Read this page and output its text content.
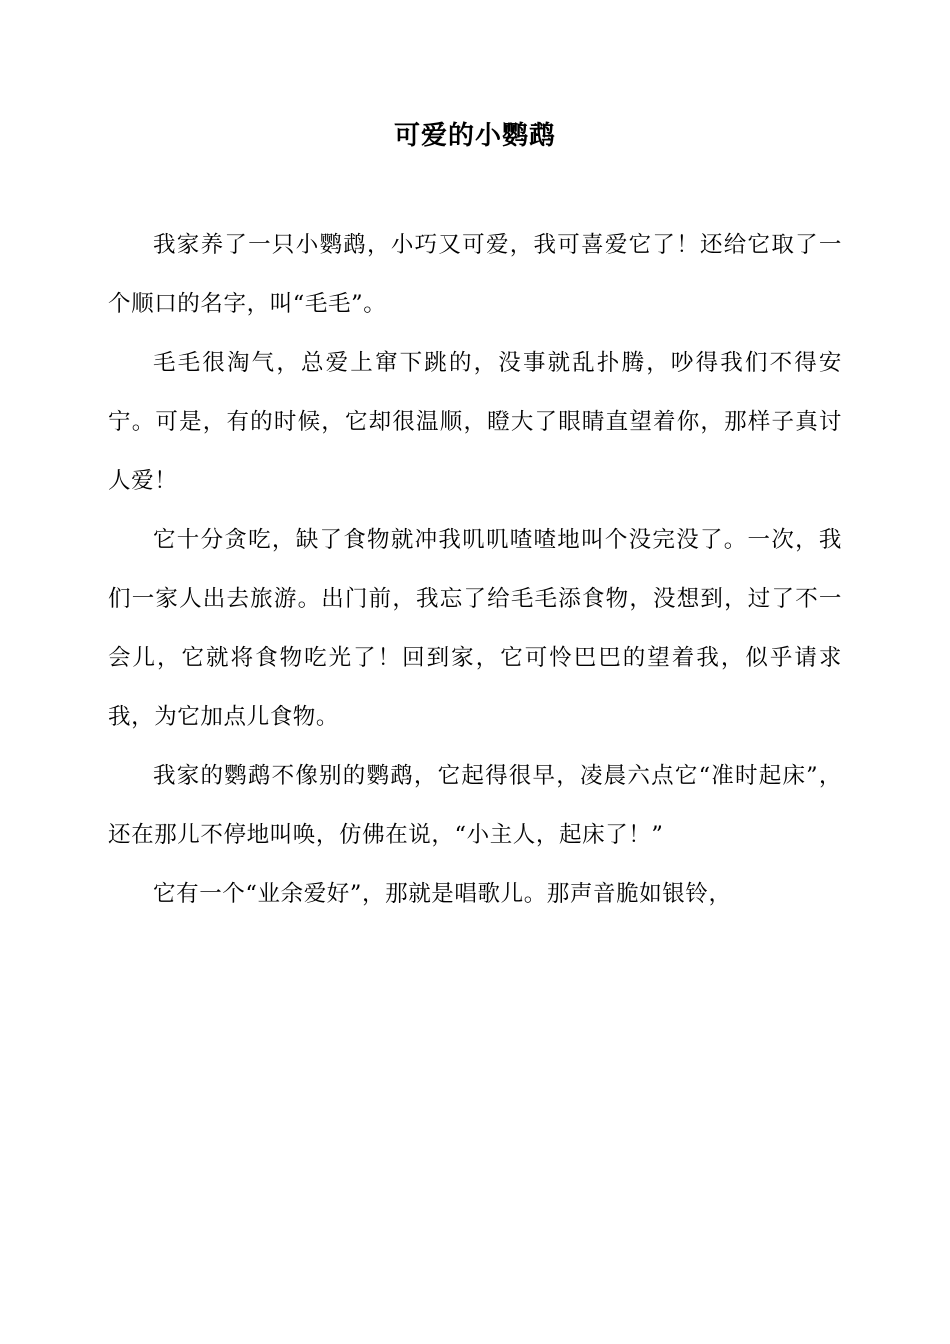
可爱的小鹦鹉

我家养了一只小鹦鹉，小巧又可爱，我可喜爱它了！还给它取了一个顺口的名字，叫“毛毛”。

毛毛很淘气，总爱上窜下跳的，没事就乱扑腾，吵得我们不得安宁。可是，有的时候，它却很温顺，瞪大了眼睛直望着你，那样子真讨人爱！

它十分贪吃，缺了食物就冲我叽叽喳喳地叫个没完没了。一次，我们一家人出去旅游。出门前，我忘了给毛毛添食物，没想到，过了不一会儿，它就将食物吃光了！回到家，它可怜巴巴的望着我，似乎请求我，为它加点儿食物。

我家的鹦鹉不像别的鹦鹉，它起得很早，凌晨六点它“准时起床”，还在那儿不停地叫唤，仿佛在说，“小主人，起床了！”

它有一个“业余爱好”，那就是唱歌儿。那声音脆如银铃，
